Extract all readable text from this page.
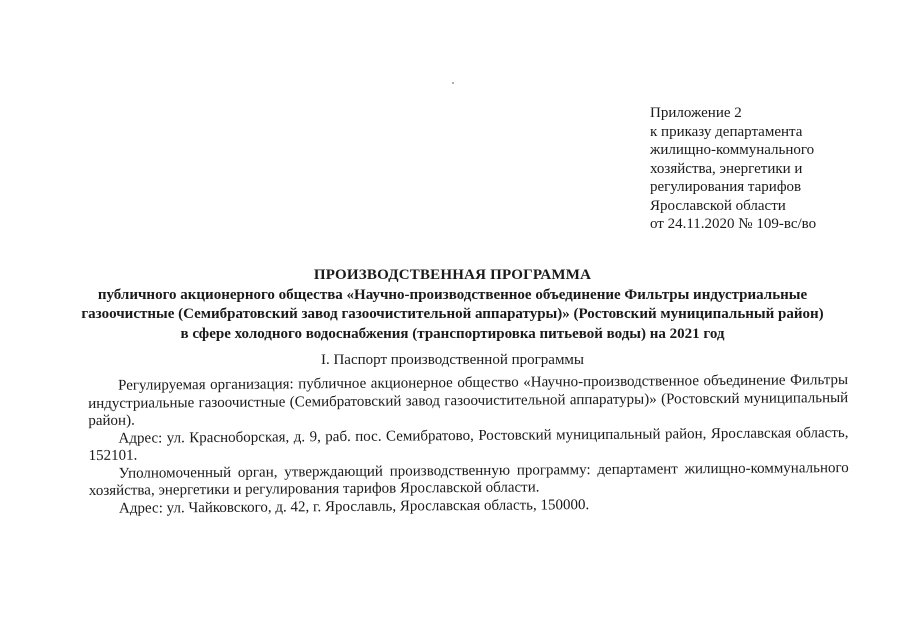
Приложение 2
к приказу департамента
жилищно-коммунального
хозяйства, энергетики и
регулирования тарифов
Ярославской области
от 24.11.2020 № 109-вс/во
ПРОИЗВОДСТВЕННАЯ ПРОГРАММА
публичного акционерного общества «Научно-производственное объединение Фильтры индустриальные
газоочистные (Семибратовский завод газоочистительной аппаратуры)» (Ростовский муниципальный район)
в сфере холодного водоснабжения (транспортировка питьевой воды) на 2021 год
I. Паспорт производственной программы

Регулируемая организация: публичное акционерное общество «Научно-производственное объединение Фильтры индустриальные газоочистные (Семибратовский завод газоочистительной аппаратуры)» (Ростовский муниципальный район).

Адрес: ул. Красноборская, д. 9, раб. пос. Семибратово, Ростовский муниципальный район, Ярославская область, 152101.

Уполномоченный орган, утверждающий производственную программу: департамент жилищно-коммунального хозяйства, энергетики и регулирования тарифов Ярославской области.

Адрес: ул. Чайковского, д. 42, г. Ярославль, Ярославская область, 150000.
